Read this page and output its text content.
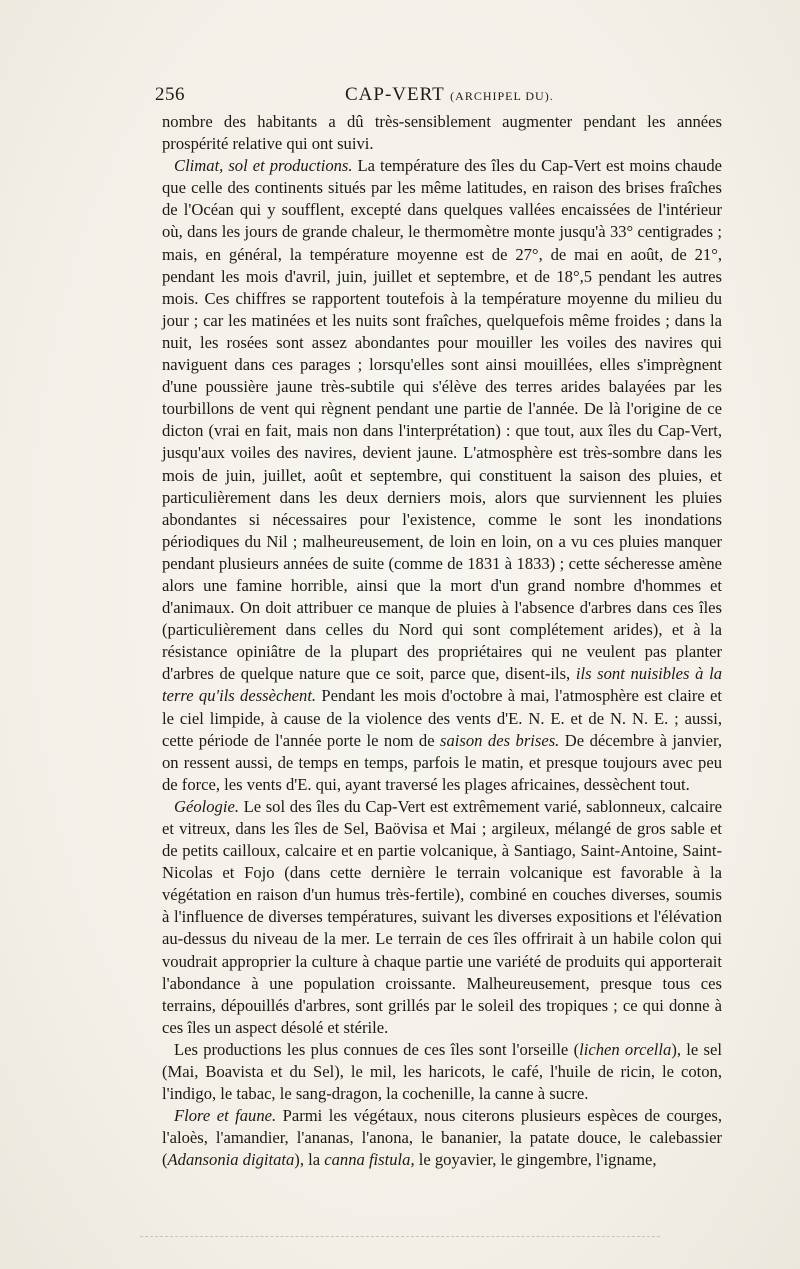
256	CAP-VERT (ARCHIPEL DU).

nombre des habitants a dû très-sensiblement augmenter pendant les années prospérité relative qui ont suivi.

Climat, sol et productions. La température des îles du Cap-Vert est moins chaude que celle des continents situés par les même latitudes, en raison des brises fraîches de l'Océan qui y soufflent, excepté dans quelques vallées encaissées de l'intérieur où, dans les jours de grande chaleur, le thermomètre monte jusqu'à 33° centigrades ; mais, en général, la température moyenne est de 27°, de mai en août, de 21°, pendant les mois d'avril, juin, juillet et septembre, et de 18°,5 pendant les autres mois. Ces chiffres se rapportent toutefois à la température moyenne du milieu du jour ; car les matinées et les nuits sont fraîches, quelquefois même froides ; dans la nuit, les rosées sont assez abondantes pour mouiller les voiles des navires qui naviguent dans ces parages ; lorsqu'elles sont ainsi mouillées, elles s'imprègnent d'une poussière jaune très-subtile qui s'élève des terres arides balayées par les tourbillons de vent qui règnent pendant une partie de l'année. De là l'origine de ce dicton (vrai en fait, mais non dans l'interprétation) : que tout, aux îles du Cap-Vert, jusqu'aux voiles des navires, devient jaune. L'atmosphère est très-sombre dans les mois de juin, juillet, août et septembre, qui constituent la saison des pluies, et particulièrement dans les deux derniers mois, alors que surviennent les pluies abondantes si nécessaires pour l'existence, comme le sont les inondations périodiques du Nil ; malheureusement, de loin en loin, on a vu ces pluies manquer pendant plusieurs années de suite (comme de 1831 à 1833) ; cette sécheresse amène alors une famine horrible, ainsi que la mort d'un grand nombre d'hommes et d'animaux. On doit attribuer ce manque de pluies à l'absence d'arbres dans ces îles (particulièrement dans celles du Nord qui sont complétement arides), et à la résistance opiniâtre de la plupart des propriétaires qui ne veulent pas planter d'arbres de quelque nature que ce soit, parce que, disent-ils, ils sont nuisibles à la terre qu'ils dessèchent. Pendant les mois d'octobre à mai, l'atmosphère est claire et le ciel limpide, à cause de la violence des vents d'E. N. E. et de N. N. E. ; aussi, cette période de l'année porte le nom de saison des brises. De décembre à janvier, on ressent aussi, de temps en temps, parfois le matin, et presque toujours avec peu de force, les vents d'E. qui, ayant traversé les plages africaines, dessèchent tout.

Géologie. Le sol des îles du Cap-Vert est extrêmement varié, sablonneux, calcaire et vitreux, dans les îles de Sel, Baövisa et Mai ; argileux, mélangé de gros sable et de petits cailloux, calcaire et en partie volcanique, à Santiago, Saint-Antoine, Saint-Nicolas et Fojo (dans cette dernière le terrain volcanique est favorable à la végétation en raison d'un humus très-fertile), combiné en couches diverses, soumis à l'influence de diverses températures, suivant les diverses expositions et l'élévation au-dessus du niveau de la mer. Le terrain de ces îles offrirait à un habile colon qui voudrait approprier la culture à chaque partie une variété de produits qui apporterait l'abondance à une population croissante. Malheureusement, presque tous ces terrains, dépouillés d'arbres, sont grillés par le soleil des tropiques ; ce qui donne à ces îles un aspect désolé et stérile.

Les productions les plus connues de ces îles sont l'orseille (lichen orcella), le sel (Mai, Boavista et du Sel), le mil, les haricots, le café, l'huile de ricin, le coton, l'indigo, le tabac, le sang-dragon, la cochenille, la canne à sucre.

Flore et faune. Parmi les végétaux, nous citerons plusieurs espèces de courges, l'aloès, l'amandier, l'ananas, l'anona, le bananier, la patate douce, le calebassier (Adansonia digitata), la canna fistula, le goyavier, le gingembre, l'igname,
